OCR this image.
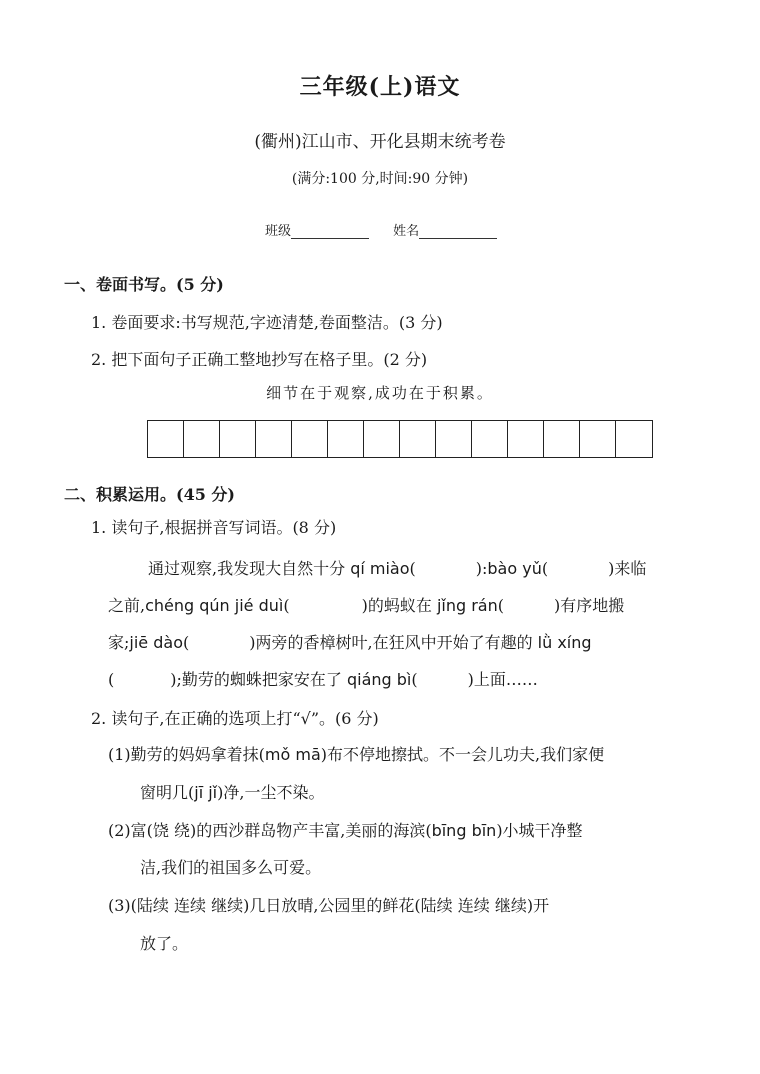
三年级(上)语文
(衢州)江山市、开化县期末统考卷
(满分:100 分,时间:90 分钟)
班级	姓名
一、卷面书写。(5 分)
1. 卷面要求:书写规范,字迹清楚,卷面整洁。(3 分)
2. 把下面句子正确工整地抄写在格子里。(2 分)
细节在于观察,成功在于积累。
二、积累运用。(45 分)
1. 读句子,根据拼音写词语。(8 分)
通过观察,我发现大自然十分 qí miào(	):bào yǔ(	)来临
之前,chéng qún jié duì(	)的蚂蚁在 jǐng rán(	)有序地搬
家;jiē dào(	)两旁的香樟树叶,在狂风中开始了有趣的 lǜ xíng
(	);勤劳的蜘蛛把家安在了 qiáng bì(	)上面……
2. 读句子,在正确的选项上打“√”。(6 分)
(1)勤劳的妈妈拿着抹(mǒ mā)布不停地擦拭。不一会儿功夫,我们家便
窗明几(jī jǐ)净,一尘不染。
(2)富(饶 绕)的西沙群岛物产丰富,美丽的海滨(bīng bīn)小城干净整
洁,我们的祖国多么可爱。
(3)(陆续 连续 继续)几日放晴,公园里的鲜花(陆续 连续 继续)开
放了。
